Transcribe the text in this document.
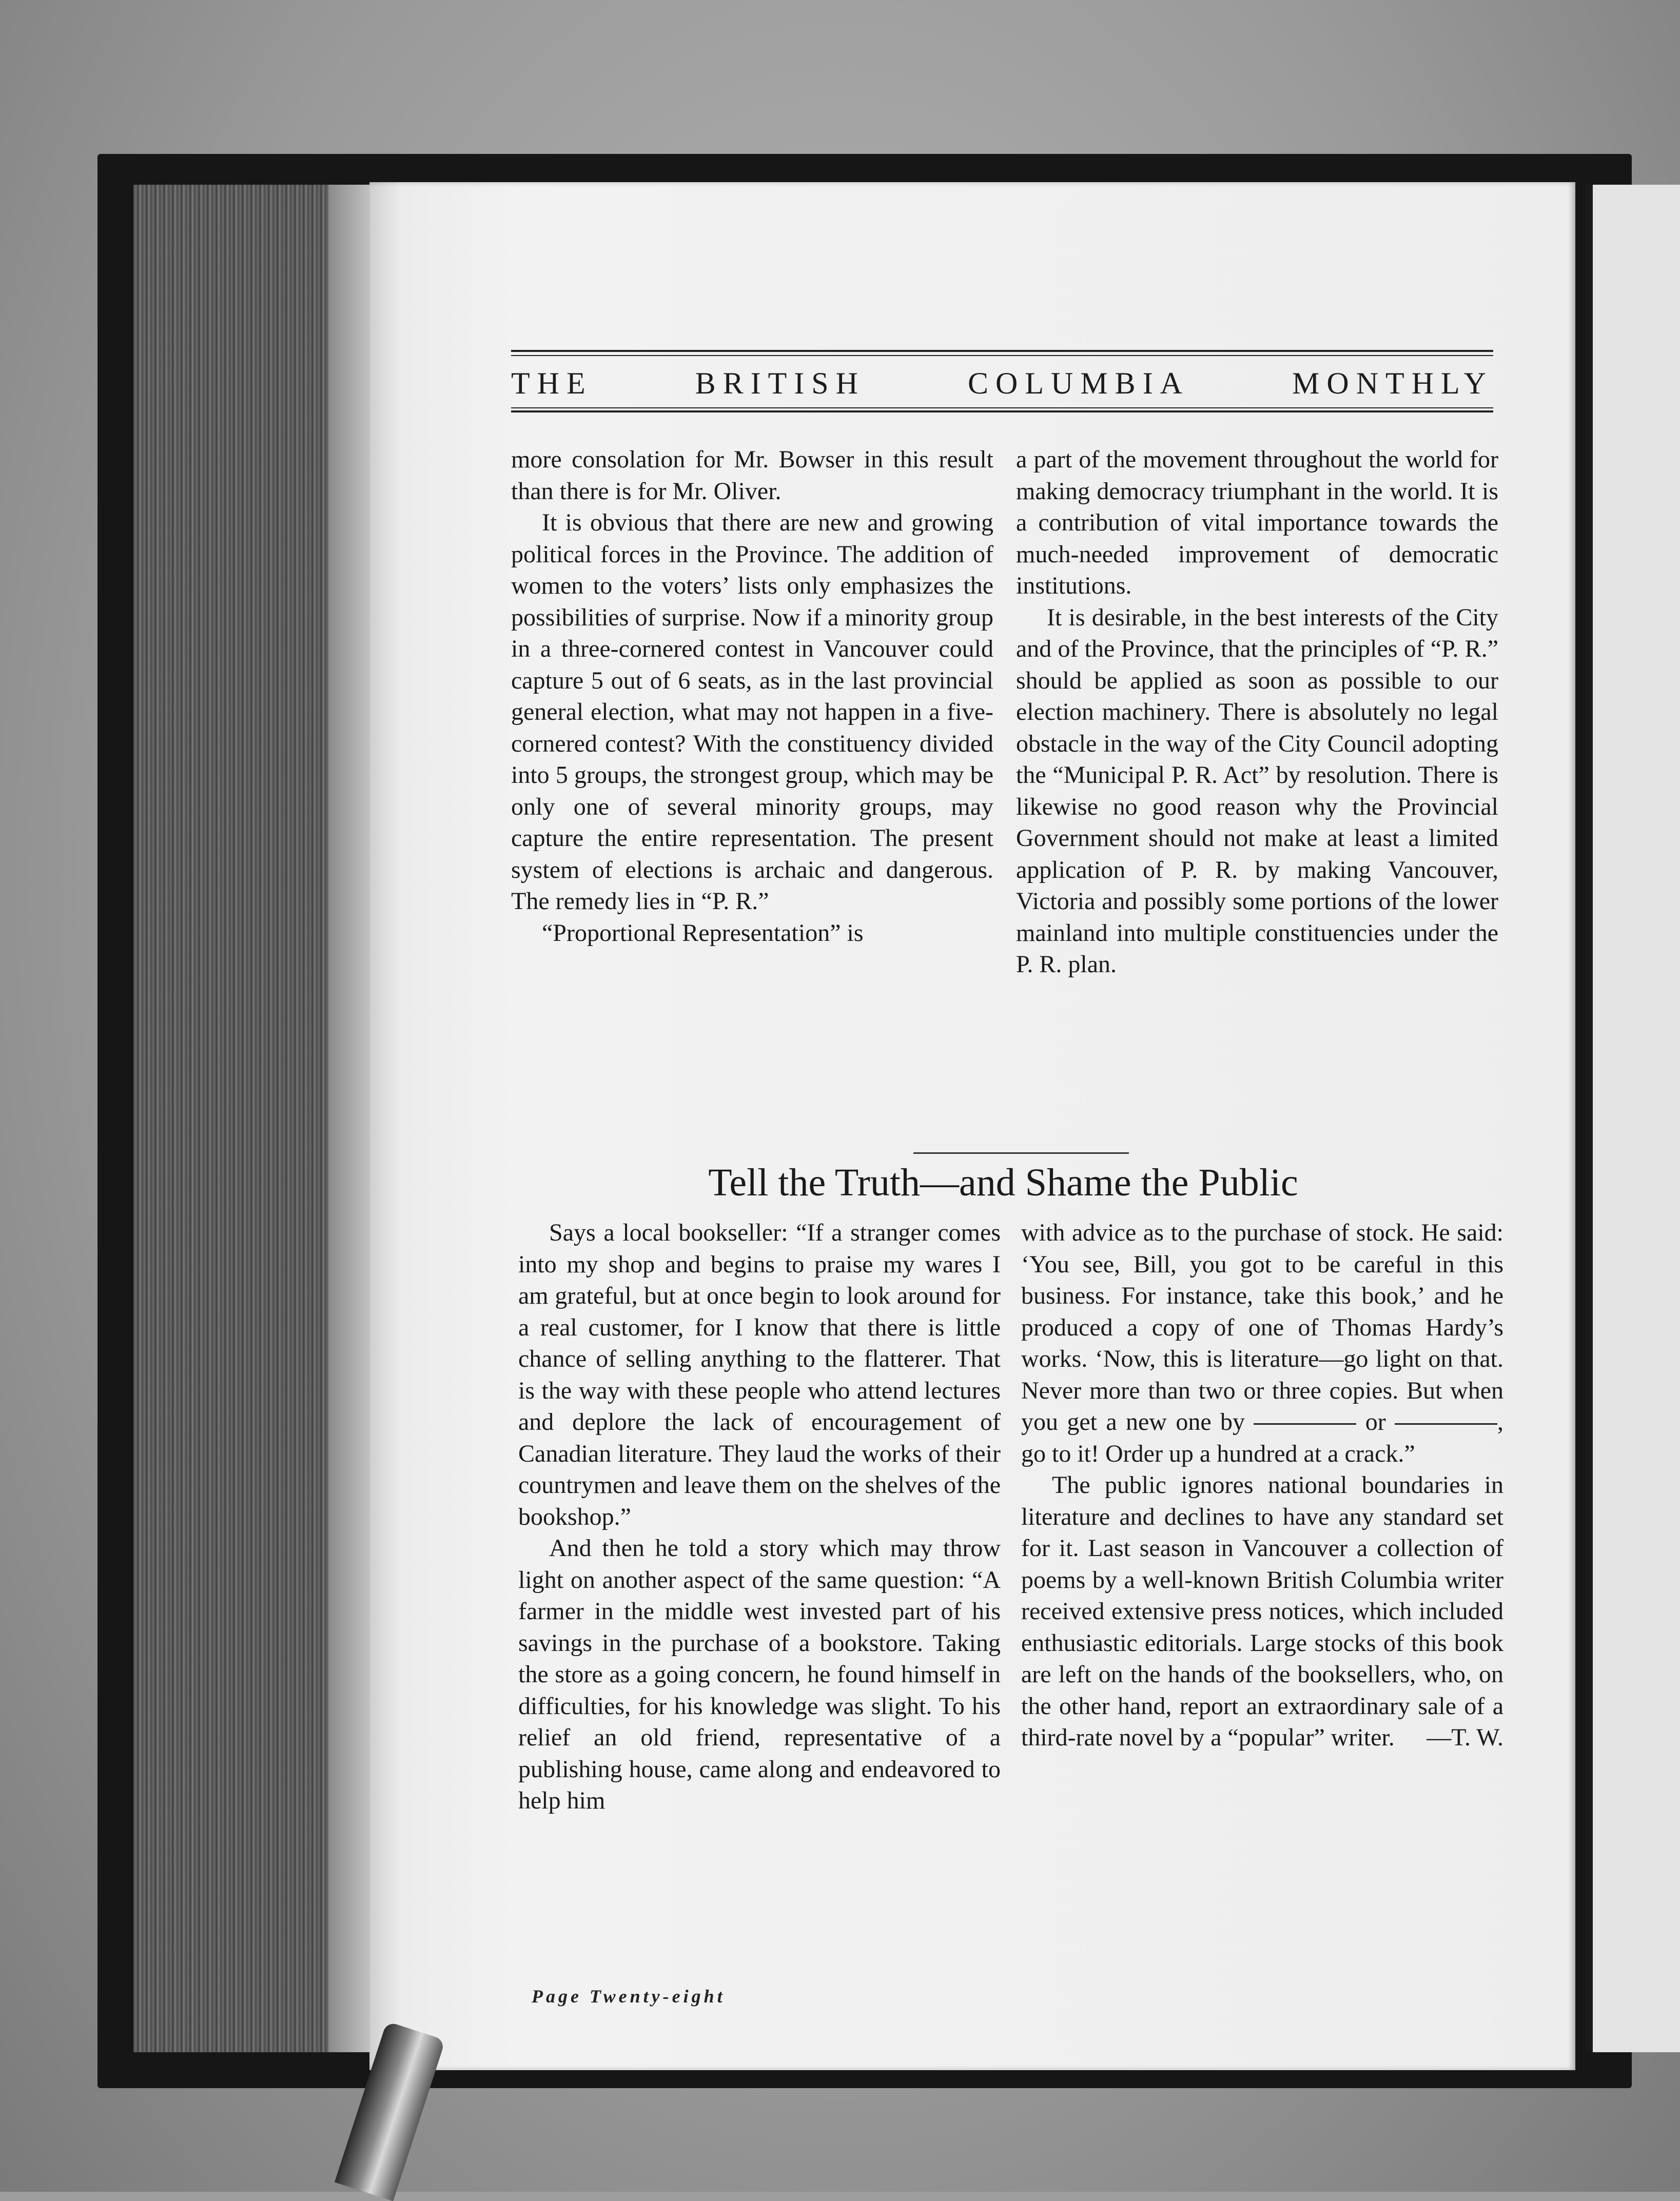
THE	BRITISH	COLUMBIA	MONTHLY

more consolation for Mr. Bowser in this result than there is for Mr. Oliver.

It is obvious that there are new and growing political forces in the Province. The addition of women to the voters’ lists only emphasizes the possibilities of surprise. Now if a minority group in a three-cornered contest in Vancouver could capture 5 out of 6 seats, as in the last provincial general election, what may not happen in a five-cornered contest? With the constituency divided into 5 groups, the strongest group, which may be only one of several minority groups, may capture the entire representation. The present system of elections is archaic and dangerous. The remedy lies in “P. R.”

“Proportional Representation” is

a part of the movement throughout the world for making democracy triumphant in the world. It is a contribution of vital importance towards the much-needed improvement of democratic institutions.

It is desirable, in the best interests of the City and of the Province, that the principles of “P. R.” should be applied as soon as possible to our election machinery. There is absolutely no legal obstacle in the way of the City Council adopting the “Municipal P. R. Act” by resolution. There is likewise no good reason why the Provincial Government should not make at least a limited application of P. R. by making Vancouver, Victoria and possibly some portions of the lower mainland into multiple constituencies under the P. R. plan.

Tell the Truth—and Shame the Public

Says a local bookseller: “If a stranger comes into my shop and begins to praise my wares I am grateful, but at once begin to look around for a real customer, for I know that there is little chance of selling anything to the flatterer. That is the way with these people who attend lectures and deplore the lack of encouragement of Canadian literature. They laud the works of their countrymen and leave them on the shelves of the bookshop.”

And then he told a story which may throw light on another aspect of the same question: “A farmer in the middle west invested part of his savings in the purchase of a bookstore. Taking the store as a going concern, he found himself in difficulties, for his knowledge was slight. To his relief an old friend, representative of a publishing house, came along and endeavored to help him

with advice as to the purchase of stock. He said: ‘You see, Bill, you got to be careful in this business. For instance, take this book,’ and he produced a copy of one of Thomas Hardy’s works. ‘Now, this is literature—go light on that. Never more than two or three copies. But when you get a new one by	or	, go to it! Order up a hundred at a crack.”

The public ignores national boundaries in literature and declines to have any standard set for it. Last season in Vancouver a collection of poems by a well-known British Columbia writer received extensive press notices, which included enthusiastic editorials. Large stocks of this book are left on the hands of the booksellers, who, on the other hand, report an extraordinary sale of a third-rate novel by a “popular” writer.	—T. W.

Page Twenty-eight
